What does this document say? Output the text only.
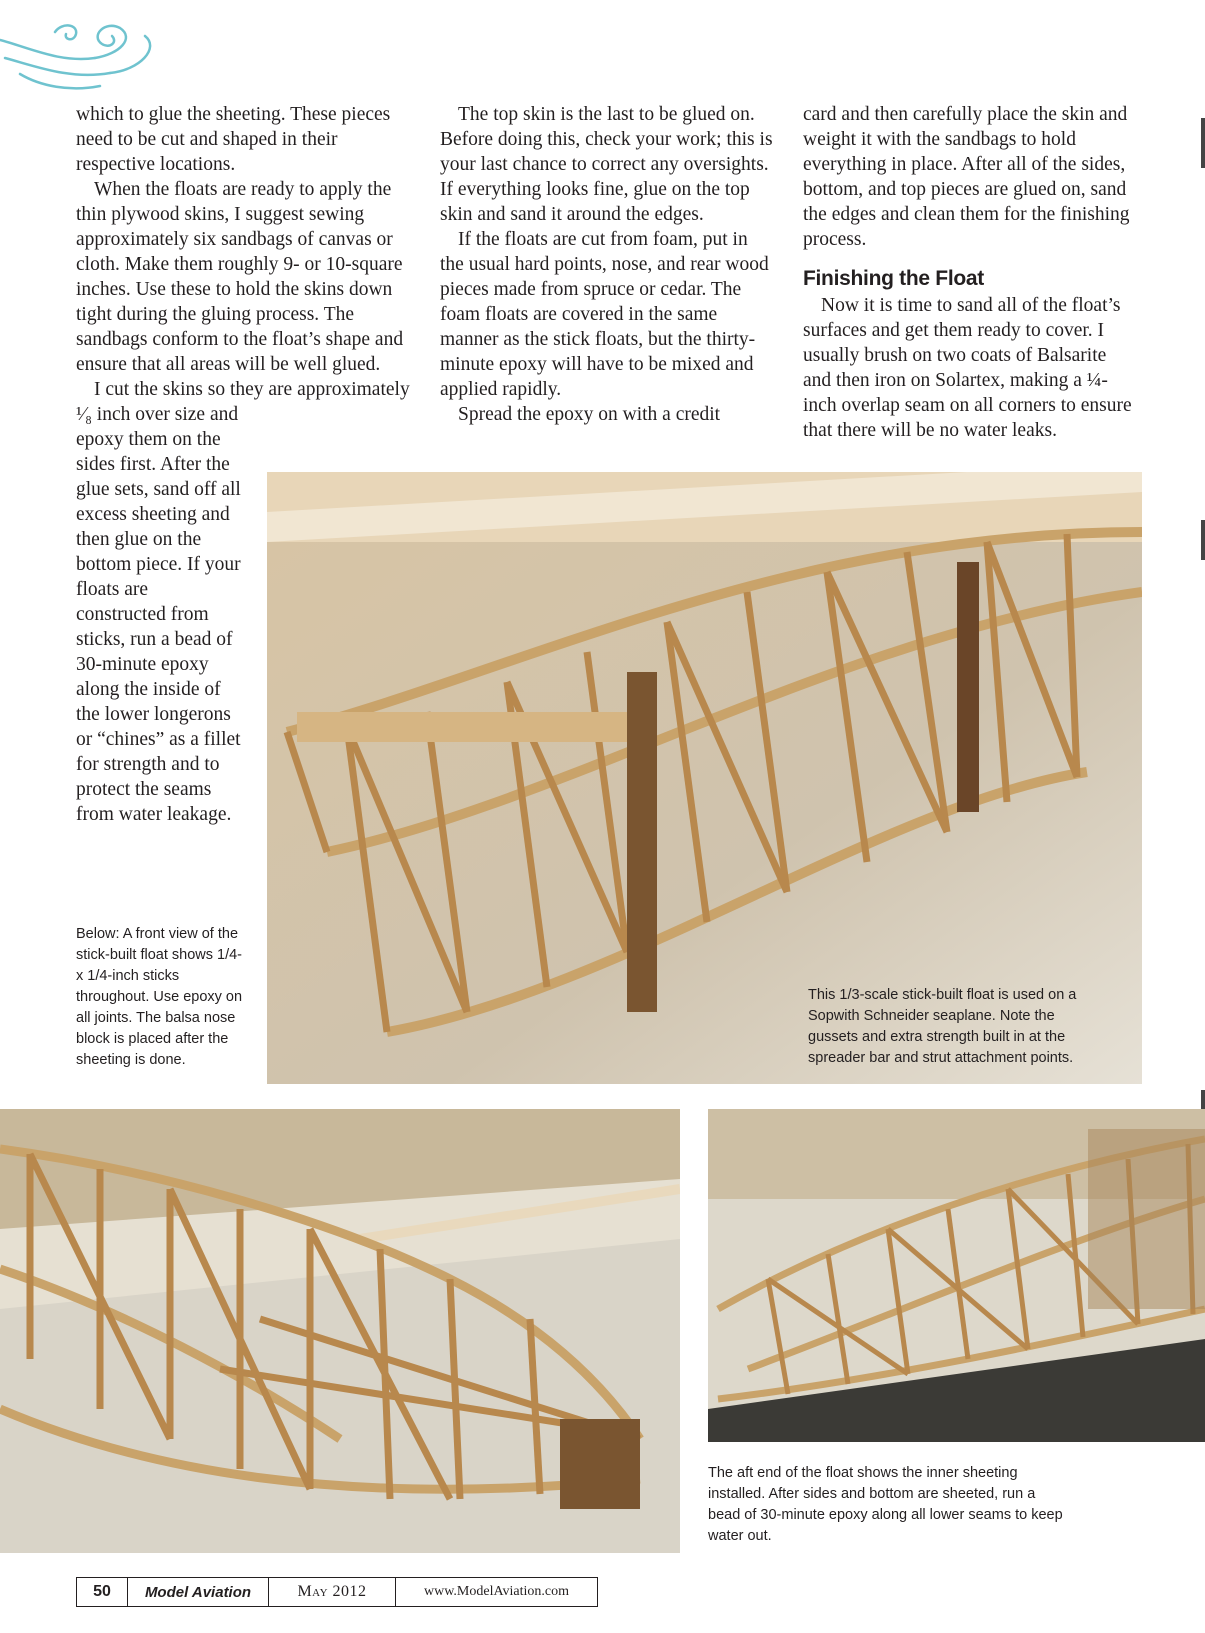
which to glue the sheeting. These pieces need to be cut and shaped in their respective locations.

When the floats are ready to apply the thin plywood skins, I suggest sewing approximately six sandbags of canvas or cloth. Make them roughly 9- or 10-square inches. Use these to hold the skins down tight during the gluing process. The sandbags conform to the float’s shape and ensure that all areas will be well glued.

I cut the skins so they are approximately ¹⁄₈ inch over size and

epoxy them on the sides first. After the glue sets, sand off all excess sheeting and then glue on the bottom piece. If your floats are constructed from sticks, run a bead of 30-minute epoxy along the inside of the lower longerons or “chines” as a fillet for strength and to protect the seams from water leakage.

The top skin is the last to be glued on. Before doing this, check your work; this is your last chance to correct any oversights. If everything looks fine, glue on the top skin and sand it around the edges.

If the floats are cut from foam, put in the usual hard points, nose, and rear wood pieces made from spruce or cedar. The foam floats are covered in the same manner as the stick floats, but the thirty-minute epoxy will have to be mixed and applied rapidly.

Spread the epoxy on with a credit

card and then carefully place the skin and weight it with the sandbags to hold everything in place. After all of the sides, bottom, and top pieces are glued on, sand the edges and clean them for the finishing process.

Finishing the Float

Now it is time to sand all of the float’s surfaces and get them ready to cover. I usually brush on two coats of Balsarite and then iron on Solartex, making a ¼-inch overlap seam on all corners to ensure that there will be no water leaks.

This 1/3-scale stick-built float is used on a Sopwith Schneider seaplane. Note the gussets and extra strength built in at the spreader bar and strut attachment points.
Below: A front view of the stick-built float shows 1/4- x 1/4-inch sticks throughout. Use epoxy on all joints. The balsa nose block is placed after the sheeting is done.
The aft end of the float shows the inner sheeting installed. After sides and bottom are sheeted, run a bead of 30-minute epoxy along all lower seams to keep water out.
50	Model Aviation	May 2012	www.ModelAviation.com
